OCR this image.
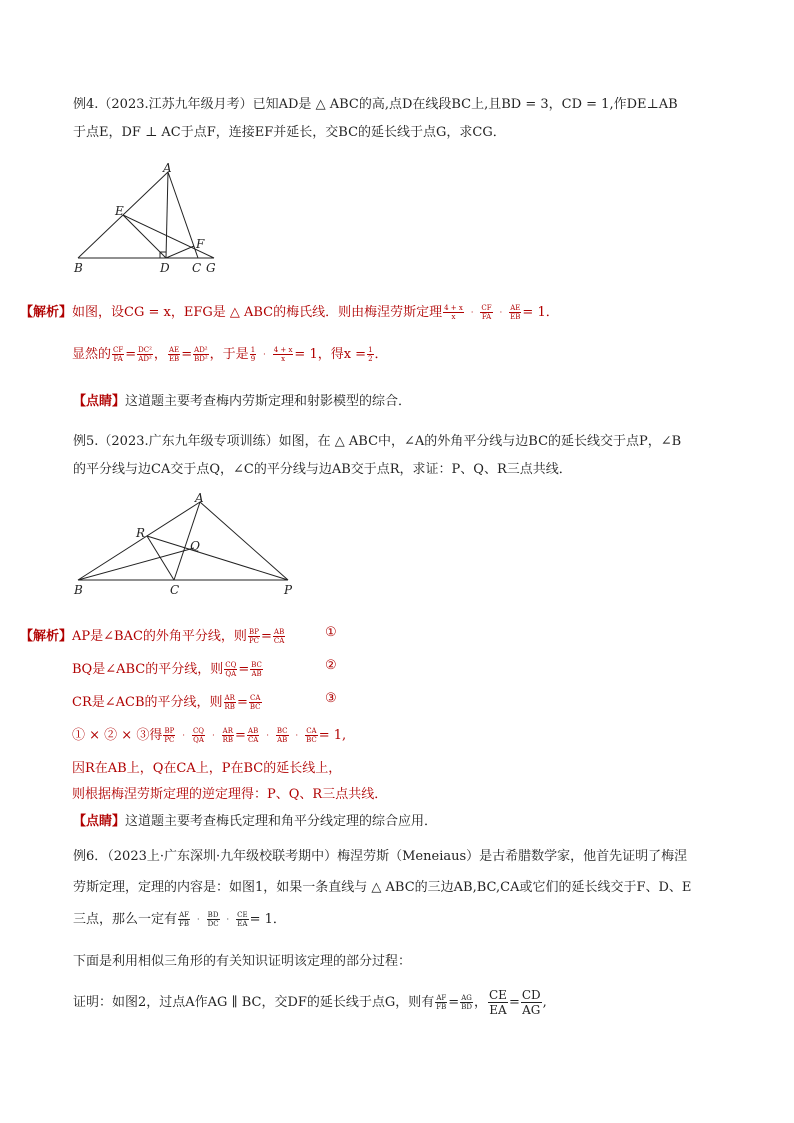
例4.（2023.江苏九年级月考）已知AD是 △ ABC的高,点D在线段BC上,且BD = 3，CD = 1,作DE⊥AB
于点E，DF ⊥ AC于点F，连接EF并延长，交BC的延长线于点G，求CG．
A
E
F
B	D C G
【解析】如图，设CG = x，EFG是 △ ABC的梅氏线．则由梅涅劳斯定理 $\frac{4 + x}{x} \cdot \frac{CF}{FA} \cdot \frac{AE}{EB} = 1$．
显然的 $\frac{CF}{FA} = \frac{\text{DC²}}{\text{AD²}}$ ， $\frac{AE}{EB} = \frac{\text{AD²}}{\text{BD²}}$ ，于是 $\frac{1}{9} \cdot \frac{4 + x}{x} = 1$，得$x = \frac{1}{2}$ ．
【点睛】这道题主要考查梅内劳斯定理和射影模型的综合．
例5.（2023.广东九年级专项训练）如图，在 △ ABC中，∠A的外角平分线与边BC的延长线交于点P，∠B
的平分线与边CA交于点Q，∠C的平分线与边AB交于点R，求证：P、Q、R三点共线．
A
R
Q
B	C	P
【解析】AP是∠BAC的外角平分线，则 $\frac{BP}{PC} = \frac{AB}{CA}$	①
BQ是∠ABC的平分线，则 $\frac{CQ}{QA} = \frac{BC}{AB}$	②
CR是∠ACB的平分线，则 $\frac{AR}{RB} = \frac{CA}{BC}$	③
① × ② × ③得 $\frac{BP}{PC} \cdot \frac{CQ}{QA} \cdot \frac{AR}{RB} = \frac{AB}{CA} \cdot \frac{BC}{AB} \cdot \frac{CA}{BC} = 1$,
因R在AB上，Q在CA上，P在BC的延长线上，
则根据梅涅劳斯定理的逆定理得：P、Q、R三点共线．
【点睛】这道题主要考查梅氏定理和角平分线定理的综合应用．
例6．（2023上·广东深圳·九年级校联考期中）梅涅劳斯（Meneiaus）是古希腊数学家，他首先证明了梅涅
劳斯定理，定理的内容是：如图1，如果一条直线与 △ ABC的三边AB,BC,CA或它们的延长线交于F、D、E
三点，那么一定有 $\frac{AF}{FB} \cdot \frac{BD}{DC} \cdot \frac{CE}{EA} = 1$．
下面是利用相似三角形的有关知识证明该定理的部分过程：
证明：如图2，过点A作AG ∥ BC，交DF的延长线于点G，则有 $\frac{AF}{FB} = \frac{AG}{BD}$ ， $\frac{CE}{EA} = \frac{CD}{AG}$ ,
